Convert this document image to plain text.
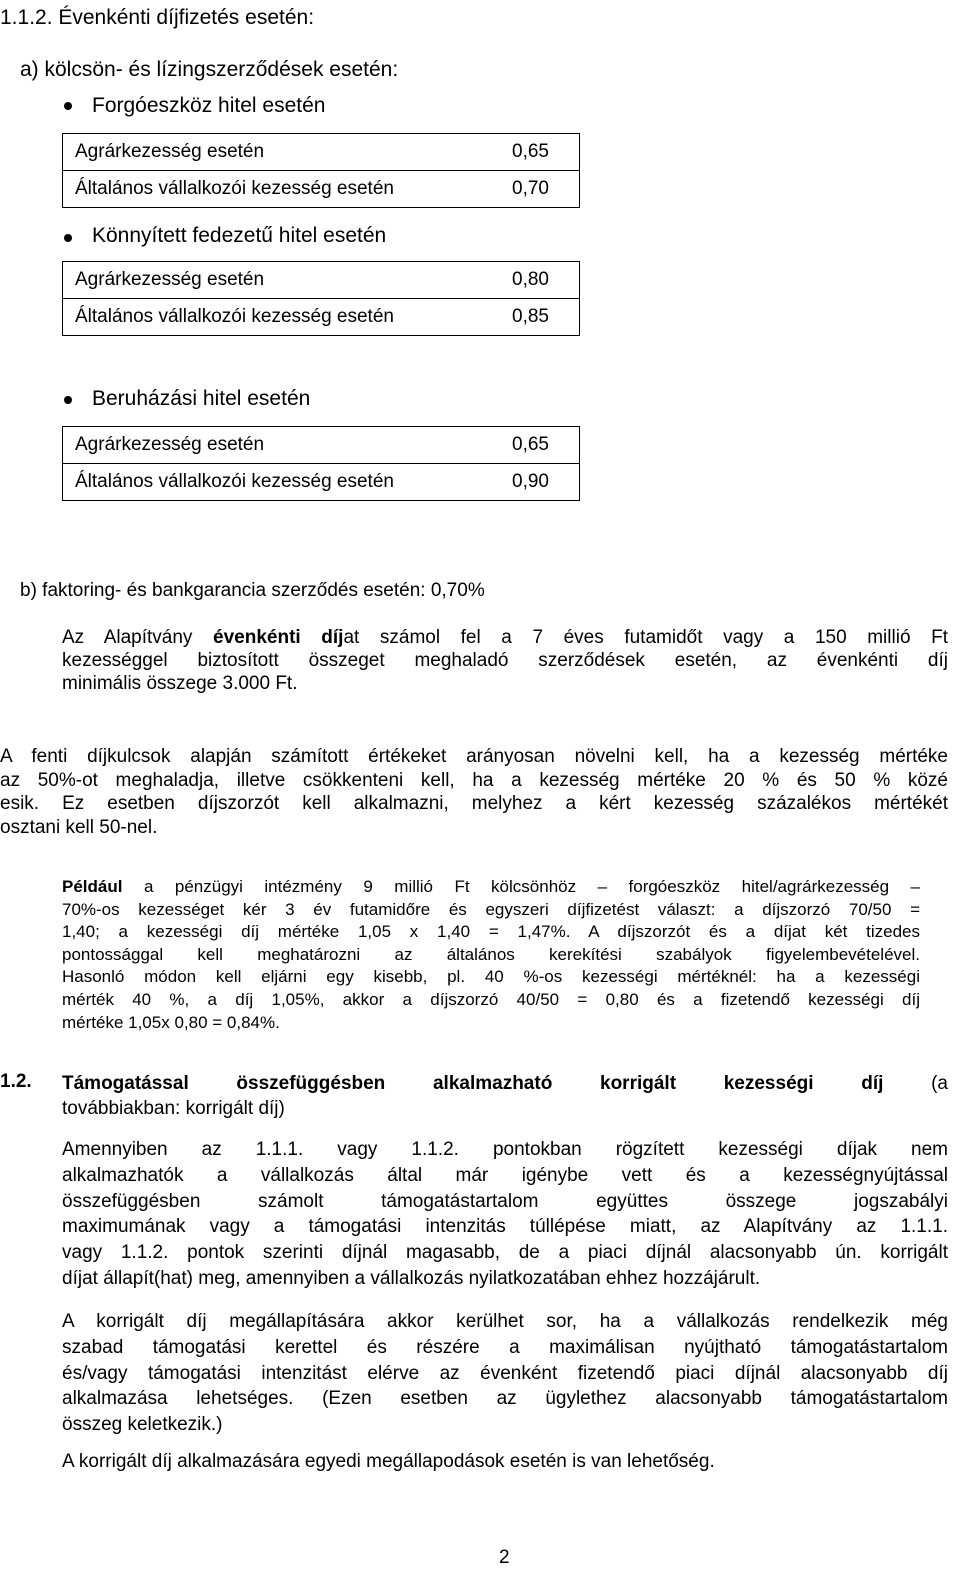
1.1.2. Évenkénti díjfizetés esetén:
a) kölcsön- és lízingszerződések esetén:
Forgóeszköz hitel esetén
Agrárkezesség esetén	0,65
Általános vállalkozói kezesség esetén	0,70
Könnyített fedezetű hitel esetén
Agrárkezesség esetén	0,80
Általános vállalkozói kezesség esetén	0,85
Beruházási hitel esetén
Agrárkezesség esetén	0,65
Általános vállalkozói kezesség esetén	0,90
b) faktoring- és bankgarancia szerződés esetén: 0,70%
Az Alapítvány évenkénti díjat számol fel a 7 éves futamidőt vagy a 150 millió Ft
kezességgel biztosított összeget meghaladó szerződések esetén, az évenkénti díj
minimális összege 3.000 Ft.
A fenti díjkulcsok alapján számított értékeket arányosan növelni kell, ha a kezesség mértéke
az 50%-ot meghaladja, illetve csökkenteni kell, ha a kezesség mértéke 20 % és 50 % közé
esik. Ez esetben díjszorzót kell alkalmazni, melyhez a kért kezesség százalékos mértékét
osztani kell 50-nel.
Például a pénzügyi intézmény 9 millió Ft kölcsönhöz – forgóeszköz hitel/agrárkezesség –
70%-os kezességet kér 3 év futamidőre és egyszeri díjfizetést választ: a díjszorzó 70/50 =
1,40; a kezességi díj mértéke 1,05 x 1,40 = 1,47%. A díjszorzót és a díjat két tizedes
pontossággal kell meghatározni az általános kerekítési szabályok figyelembevételével.
Hasonló módon kell eljárni egy kisebb, pl. 40 %-os kezességi mértéknél: ha a kezességi
mérték 40 %, a díj 1,05%, akkor a díjszorzó 40/50 = 0,80 és a fizetendő kezességi díj
mértéke 1,05x 0,80 = 0,84%.
1.2. Támogatással összefüggésben alkalmazható korrigált kezességi díj (a
továbbiakban: korrigált díj)
Amennyiben az 1.1.1. vagy 1.1.2. pontokban rögzített kezességi díjak nem
alkalmazhatók a vállalkozás által már igénybe vett és a kezességnyújtással
összefüggésben számolt támogatástartalom együttes összege jogszabályi
maximumának vagy a támogatási intenzitás túllépése miatt, az Alapítvány az 1.1.1.
vagy 1.1.2. pontok szerinti díjnál magasabb, de a piaci díjnál alacsonyabb ún. korrigált
díjat állapít(hat) meg, amennyiben a vállalkozás nyilatkozatában ehhez hozzájárult.
A korrigált díj megállapítására akkor kerülhet sor, ha a vállalkozás rendelkezik még
szabad támogatási kerettel és részére a maximálisan nyújtható támogatástartalom
és/vagy támogatási intenzitást elérve az évenként fizetendő piaci díjnál alacsonyabb díj
alkalmazása lehetséges. (Ezen esetben az ügylethez alacsonyabb támogatástartalom
összeg keletkezik.)
A korrigált díj alkalmazására egyedi megállapodások esetén is van lehetőség.
2
